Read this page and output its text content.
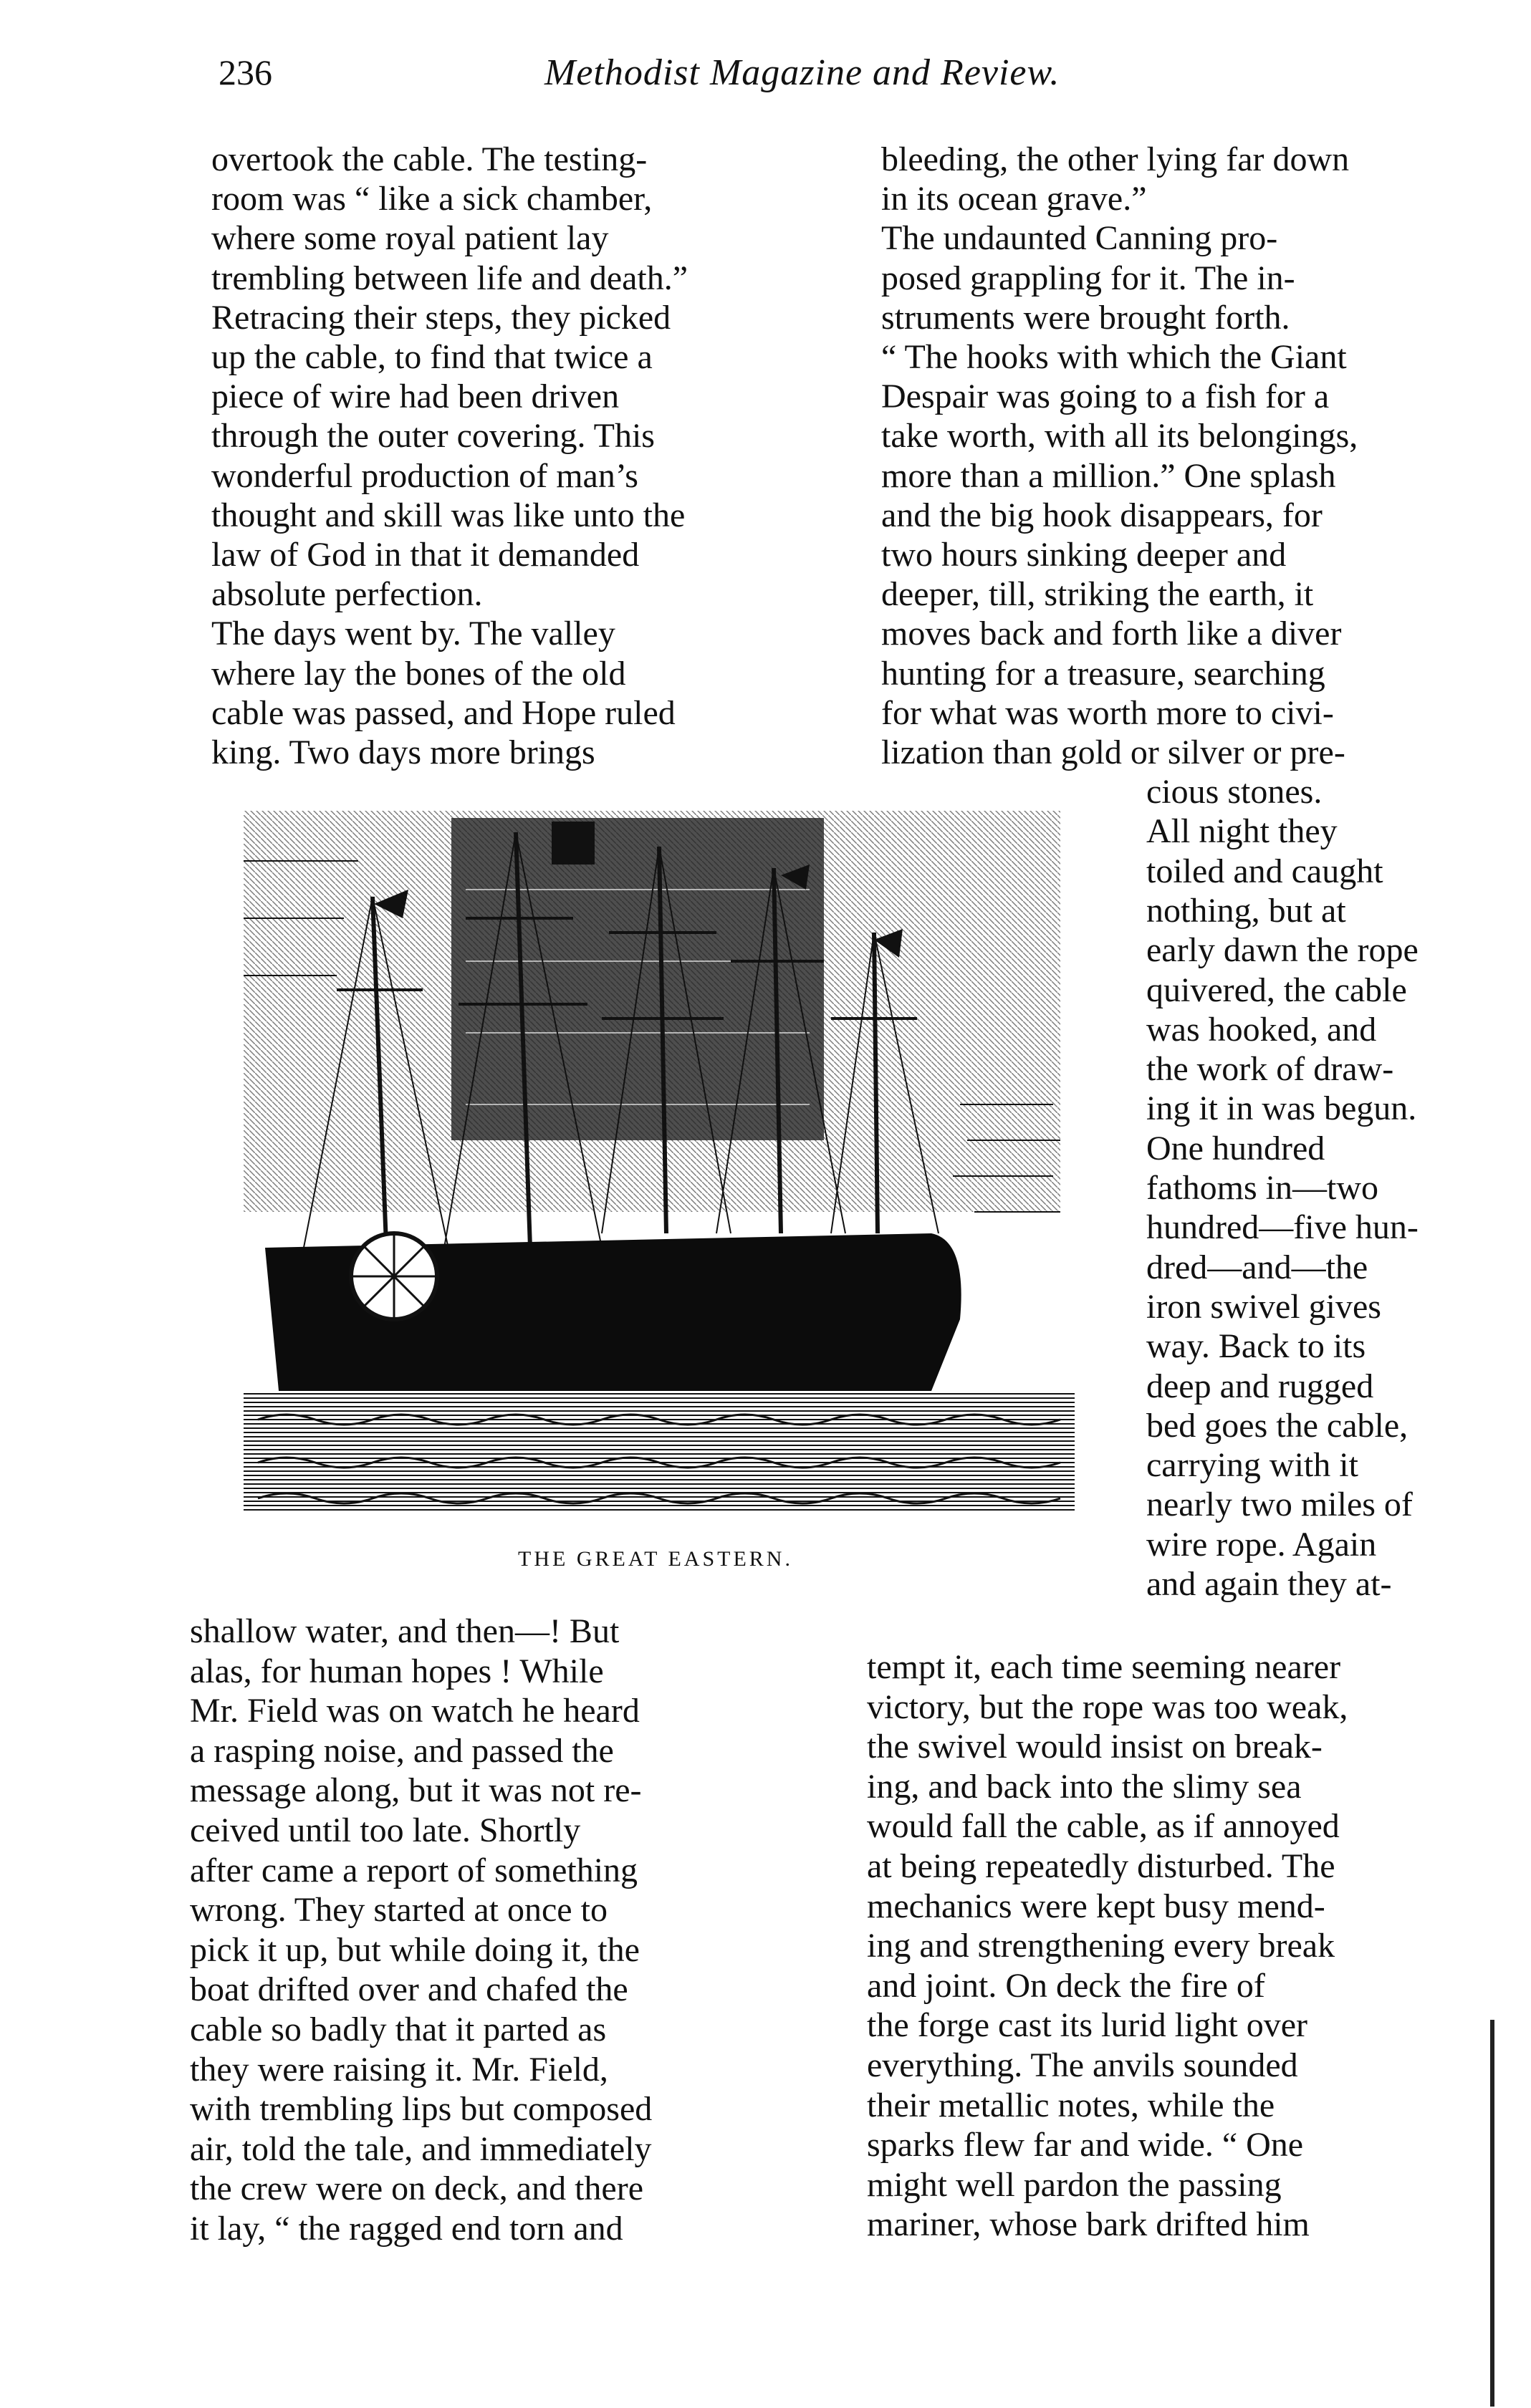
236	Methodist Magazine and Review.
overtook the cable. The testing-
room was “ like a sick chamber,
where some royal patient lay
trembling between life and death.”
Retracing their steps, they picked
up the cable, to find that twice a
piece of wire had been driven
through the outer covering. This
wonderful production of man’s
thought and skill was like unto the
law of God in that it demanded
absolute perfection.
The days went by. The valley
where lay the bones of the old
cable was passed, and Hope ruled
king. Two days more brings
bleeding, the other lying far down
in its ocean grave.”
The undaunted Canning pro-
posed grappling for it. The in-
struments were brought forth.
“ The hooks with which the Giant
Despair was going to a fish for a
take worth, with all its belongings,
more than a million.” One splash
and the big hook disappears, for
two hours sinking deeper and
deeper, till, striking the earth, it
moves back and forth like a diver
hunting for a treasure, searching
for what was worth more to civi-
lization than gold or silver or pre-
cious stones.
All night they
toiled and caught
nothing, but at
early dawn the rope
quivered, the cable
was hooked, and
the work of draw-
ing it in was begun.
One hundred
fathoms in—two
hundred—five hun-
dred—and—the
iron swivel gives
way. Back to its
deep and rugged
bed goes the cable,
carrying with it
nearly two miles of
wire rope. Again
and again they at-
shallow water, and then—! But
alas, for human hopes ! While
Mr. Field was on watch he heard
a rasping noise, and passed the
message along, but it was not re-
ceived until too late. Shortly
after came a report of something
wrong. They started at once to
pick it up, but while doing it, the
boat drifted over and chafed the
cable so badly that it parted as
they were raising it. Mr. Field,
with trembling lips but composed
air, told the tale, and immediately
the crew were on deck, and there
it lay, “ the ragged end torn and
tempt it, each time seeming nearer
victory, but the rope was too weak,
the swivel would insist on break-
ing, and back into the slimy sea
would fall the cable, as if annoyed
at being repeatedly disturbed. The
mechanics were kept busy mend-
ing and strengthening every break
and joint. On deck the fire of
the forge cast its lurid light over
everything. The anvils sounded
their metallic notes, while the
sparks flew far and wide. “ One
might well pardon the passing
mariner, whose bark drifted him
THE GREAT EASTERN.
